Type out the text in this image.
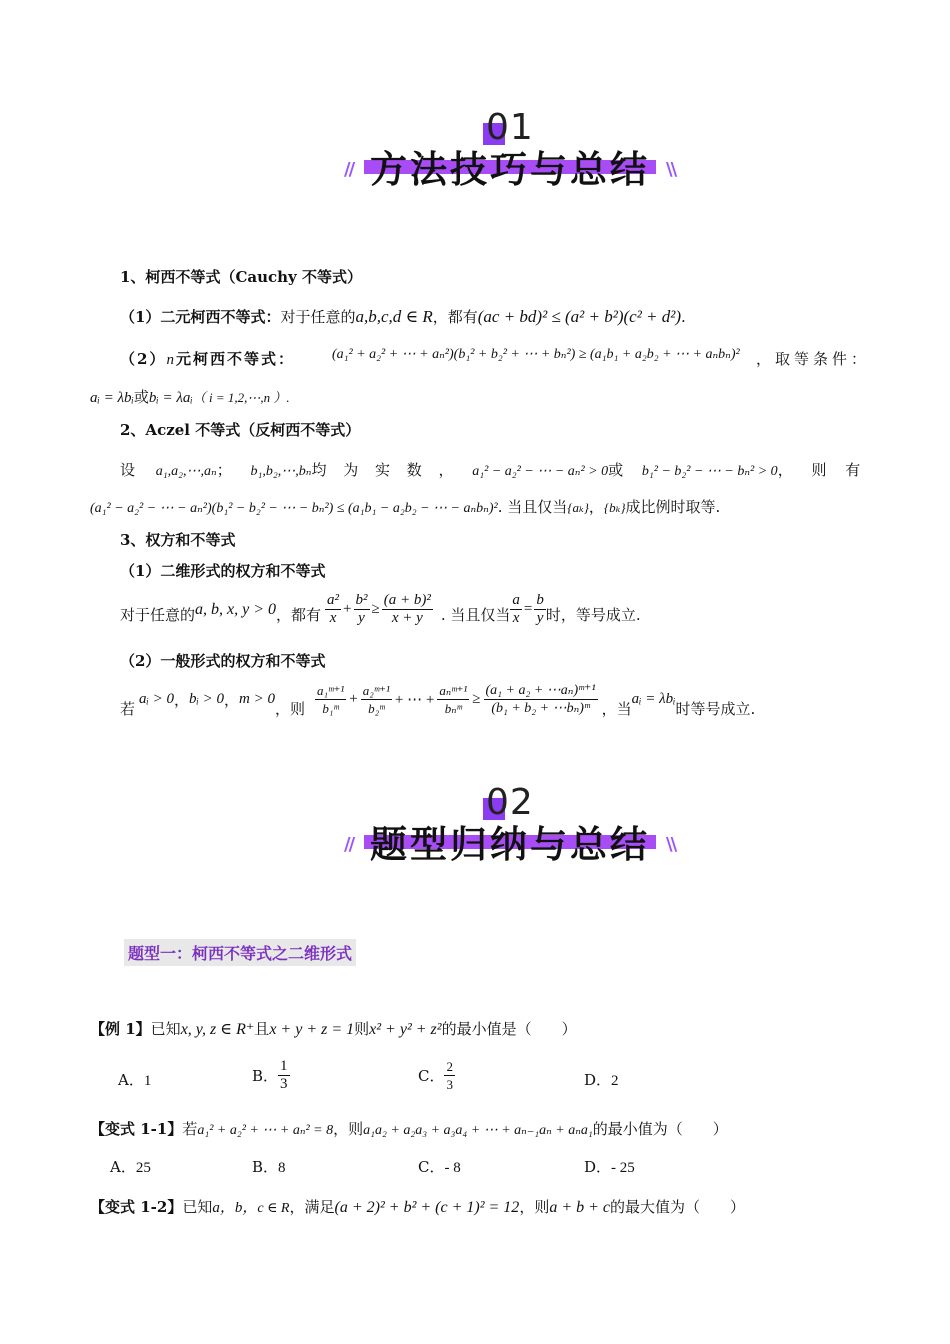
01
方法技巧与总结
//	\\
1、柯西不等式（Cauchy 不等式）
（1）二元柯西不等式：对于任意的a,b,c,d ∈ R，都有(ac + bd)² ≤ (a² + b²)(c² + d²).
（2）n元柯西不等式：	(a₁² + a₂² + ⋯ + aₙ²)(b₁² + b₂² + ⋯ + bₙ²) ≥ (a₁b₁ + a₂b₂ + ⋯ + aₙbₙ)² ，取等条件：
aᵢ = λbᵢ或bᵢ = λaᵢ（ i = 1,2,⋯,n ）.
2、Aczel 不等式（反柯西不等式）
设 a₁,a₂,⋯,aₙ； b₁,b₂,⋯,bₙ均 为 实 数 ， a₁² − a₂² − ⋯ − aₙ² > 0或 b₁² − b₂² − ⋯ − bₙ² > 0， 则 有
(a₁² − a₂² − ⋯ − aₙ²)(b₁² − b₂² − ⋯ − bₙ²) ≤ (a₁b₁ − a₂b₂ − ⋯ − aₙbₙ)². 当且仅当{aₖ}，{bₖ}成比例时取等.
3、权方和不等式
（1）二维形式的权方和不等式
对于任意的 a, b, x, y > 0 ，都有 $\frac{\text{a²}}{x} + \frac{\text{b²}}{y} \ge \frac{\text{(a + b)²}}{x + y}$ . 当且仅当 $\frac{a}{x} = \frac{b}{y}$ 时，等号成立.
（2）一般形式的权方和不等式
若
aᵢ > 0 ， bᵢ > 0 ， m > 0
，则 $\frac{\text{a₁ᵐ⁺¹}}{\text{b₁ᵐ}} + \frac{\text{a₂ᵐ⁺¹}}{\text{b₂ᵐ}}$ + ⋯ + $\frac{\text{aₙᵐ⁺¹}}{\text{bₙᵐ}} \ge \frac{\text{(a₁ + a₂ + ⋯aₙ)ᵐ⁺¹}}{\text{(b₁ + b₂ + ⋯bₙ)ᵐ}}$ ，当
aᵢ = λbᵢ
时等号成立.
02
题型归纳与总结
//	\\
题型一：柯西不等式之二维形式
【例 1】已知x, y, z ∈ R⁺且x + y + z = 1则x² + y² + z²的最小值是（　　）
A．1	B． $\frac{1}{3}$	C． $\frac{2}{3}$	D．2
【变式 1-1】若a₁² + a₂² + ⋯ + aₙ² = 8，则a₁a₂ + a₂a₃ + a₃a₄ + ⋯ + aₙ₋₁aₙ + aₙa₁的最小值为（　　）
A．25	B．8	C．- 8	D．- 25
【变式 1-2】已知a，b，c ∈ R，满足(a + 2)² + b² + (c + 1)² = 12，则a + b + c的最大值为（　　）
